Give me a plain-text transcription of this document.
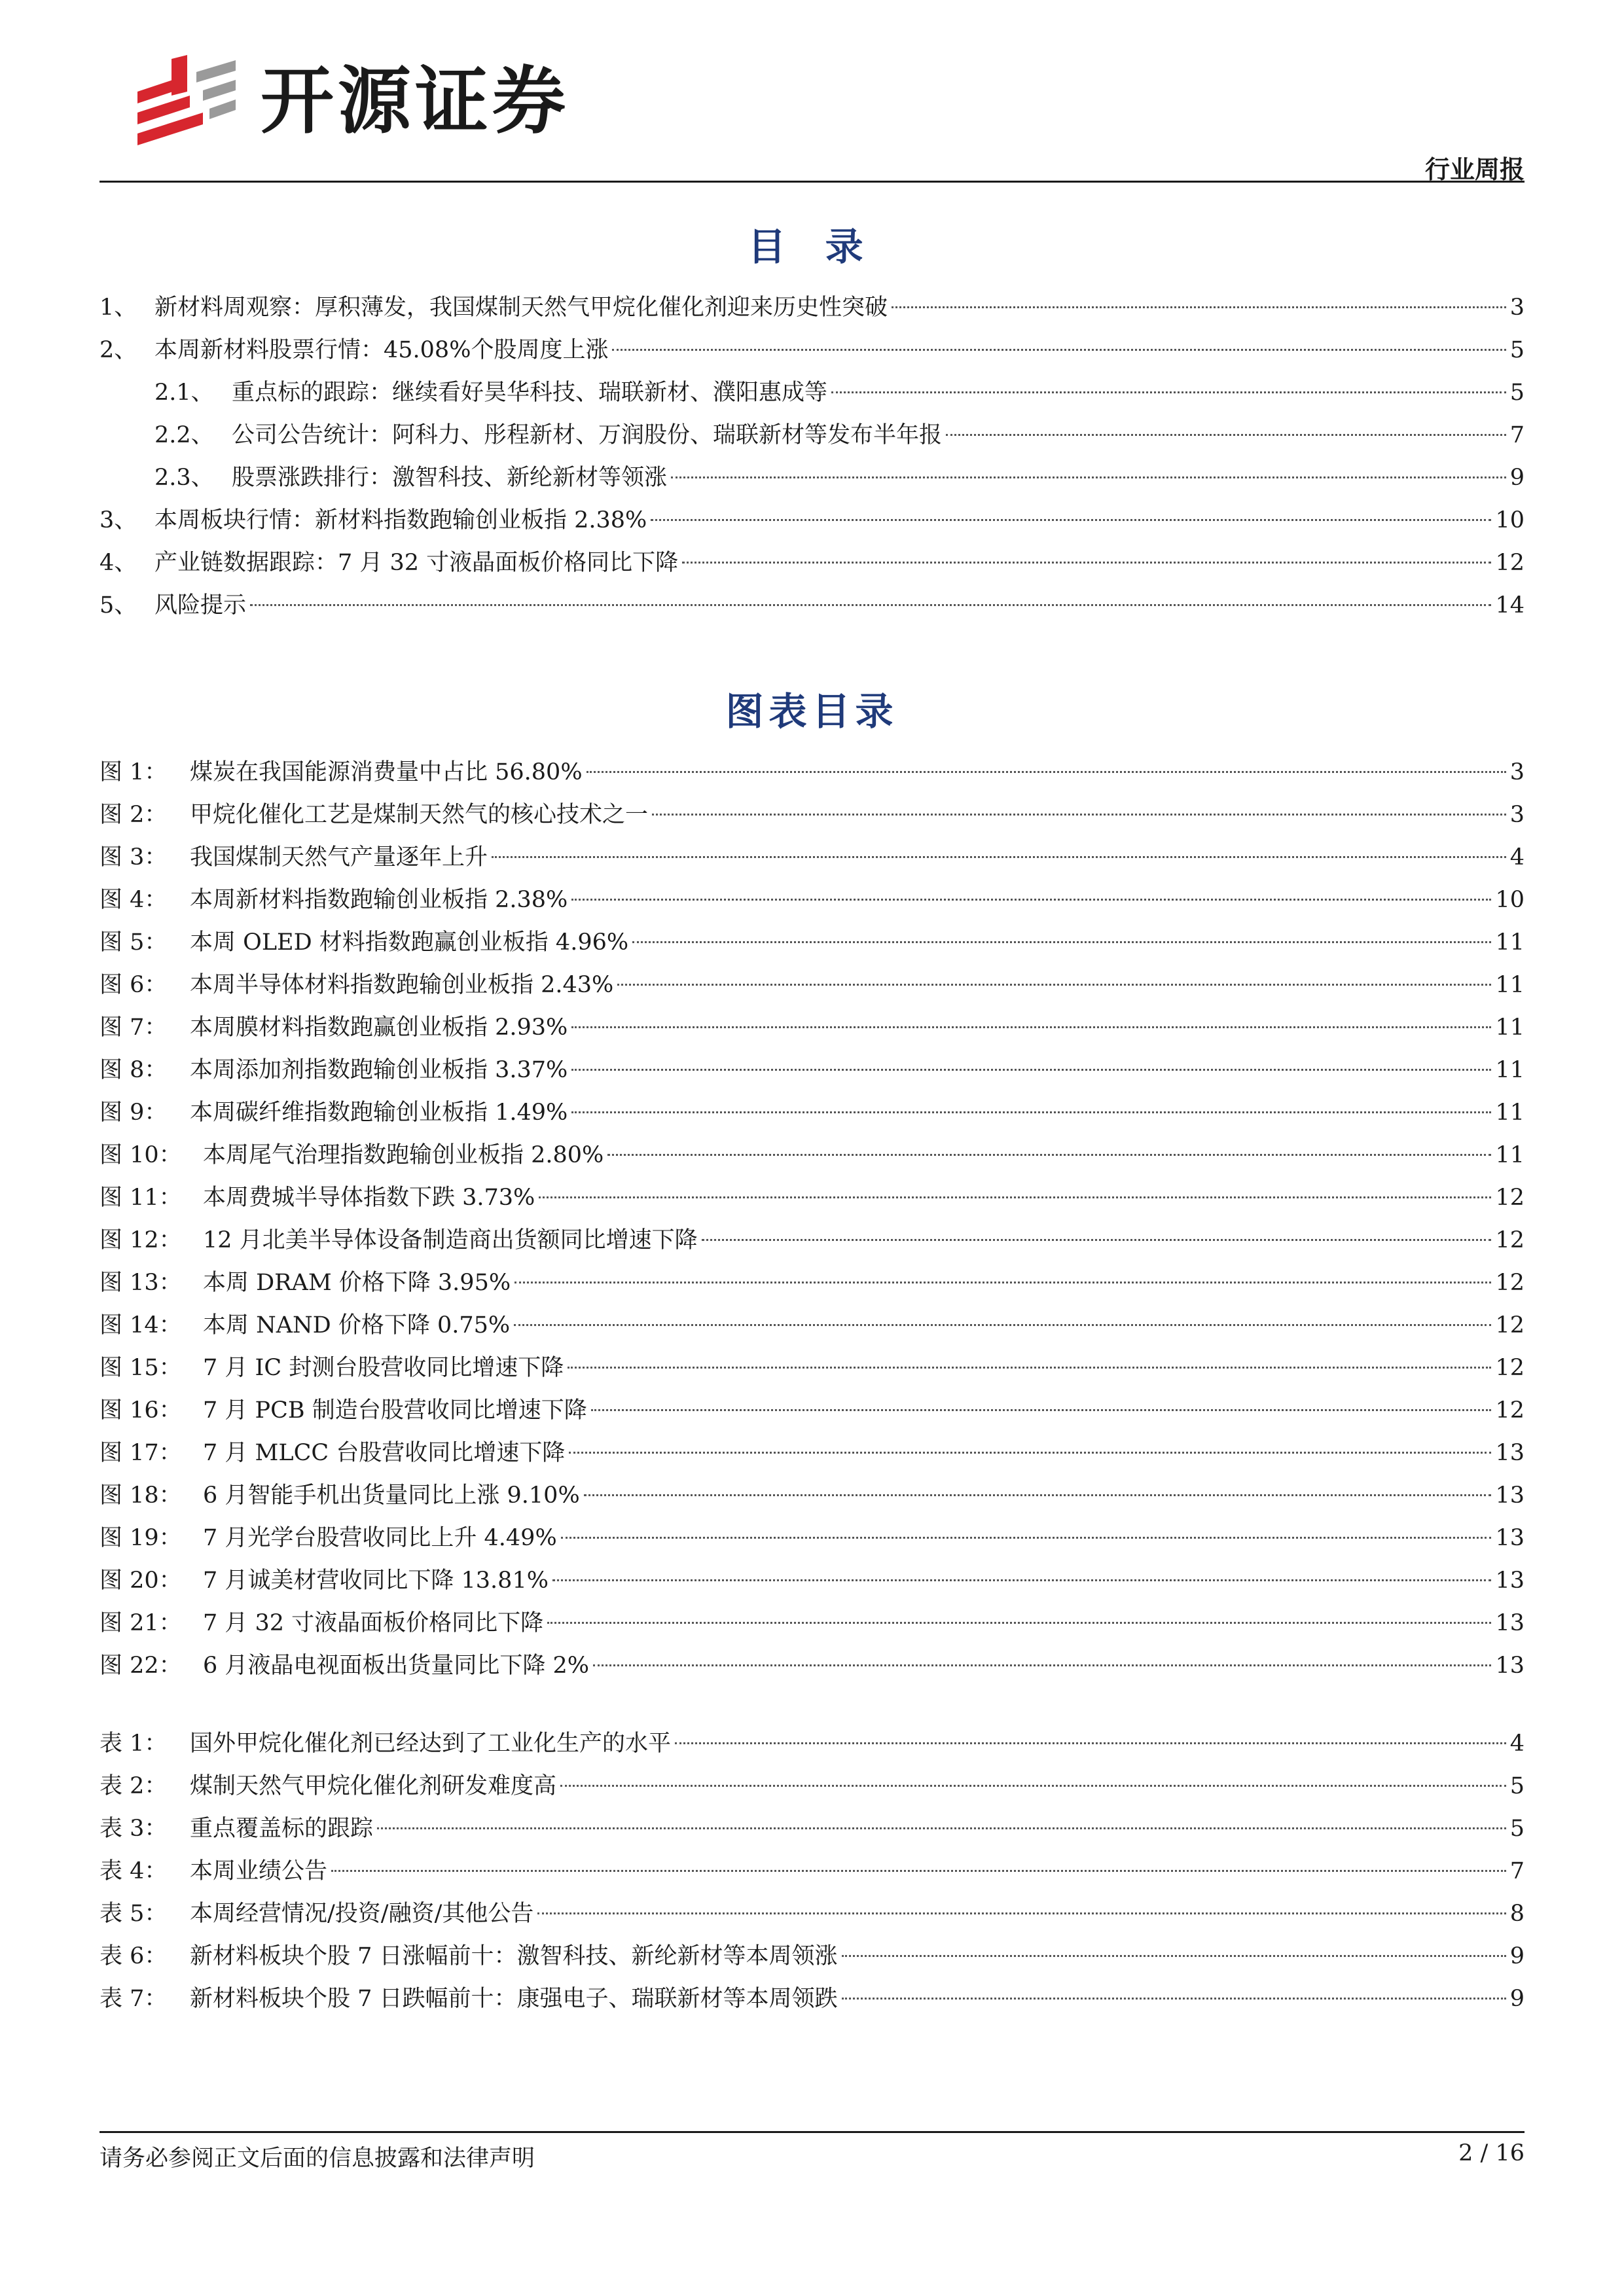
开源证券
行业周报
目 录
1、 新材料周观察：厚积薄发，我国煤制天然气甲烷化催化剂迎来历史性突破	3
2、 本周新材料股票行情：45.08%个股周度上涨	5
2.1、 重点标的跟踪：继续看好昊华科技、瑞联新材、濮阳惠成等	5
2.2、 公司公告统计：阿科力、彤程新材、万润股份、瑞联新材等发布半年报	7
2.3、 股票涨跌排行：激智科技、新纶新材等领涨	9
3、 本周板块行情：新材料指数跑输创业板指 2.38%	10
4、 产业链数据跟踪：7 月 32 寸液晶面板价格同比下降	12
5、 风险提示	14
图表目录
图 1： 煤炭在我国能源消费量中占比 56.80%	3
图 2： 甲烷化催化工艺是煤制天然气的核心技术之一	3
图 3： 我国煤制天然气产量逐年上升	4
图 4： 本周新材料指数跑输创业板指 2.38%	10
图 5： 本周 OLED 材料指数跑赢创业板指 4.96%	11
图 6： 本周半导体材料指数跑输创业板指 2.43%	11
图 7： 本周膜材料指数跑赢创业板指 2.93%	11
图 8： 本周添加剂指数跑输创业板指 3.37%	11
图 9： 本周碳纤维指数跑输创业板指 1.49%	11
图 10： 本周尾气治理指数跑输创业板指 2.80%	11
图 11： 本周费城半导体指数下跌 3.73%	12
图 12： 12 月北美半导体设备制造商出货额同比增速下降	12
图 13： 本周 DRAM 价格下降 3.95%	12
图 14： 本周 NAND 价格下降 0.75%	12
图 15： 7 月 IC 封测台股营收同比增速下降	12
图 16： 7 月 PCB 制造台股营收同比增速下降	12
图 17： 7 月 MLCC 台股营收同比增速下降	13
图 18： 6 月智能手机出货量同比上涨 9.10%	13
图 19： 7 月光学台股营收同比上升 4.49%	13
图 20： 7 月诚美材营收同比下降 13.81%	13
图 21： 7 月 32 寸液晶面板价格同比下降	13
图 22： 6 月液晶电视面板出货量同比下降 2%	13
表 1： 国外甲烷化催化剂已经达到了工业化生产的水平	4
表 2： 煤制天然气甲烷化催化剂研发难度高	5
表 3： 重点覆盖标的跟踪	5
表 4： 本周业绩公告	7
表 5： 本周经营情况/投资/融资/其他公告	8
表 6： 新材料板块个股 7 日涨幅前十：激智科技、新纶新材等本周领涨	9
表 7： 新材料板块个股 7 日跌幅前十：康强电子、瑞联新材等本周领跌	9
请务必参阅正文后面的信息披露和法律声明	2 / 16
